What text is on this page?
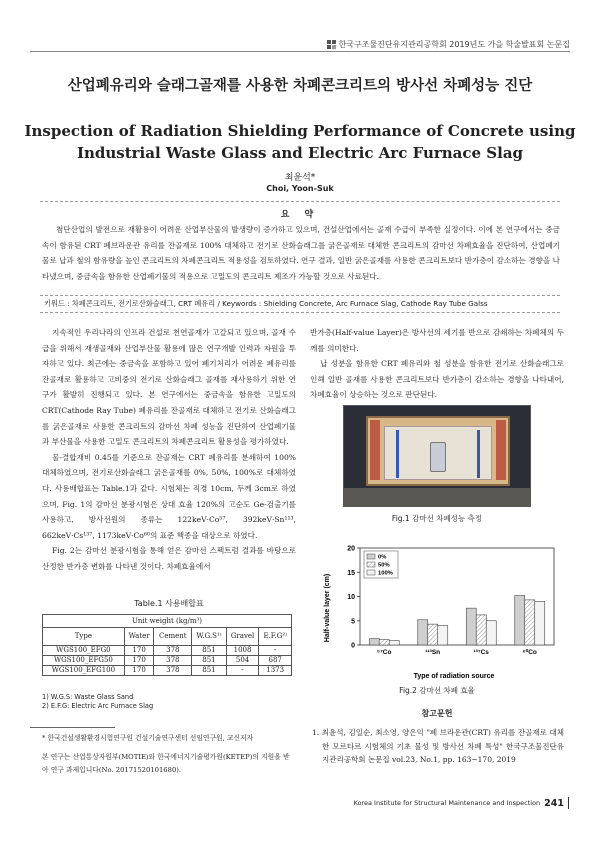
한국구조물진단유지관리공학회 2019년도 가을 학술발표회 논문집
산업폐유리와 슬래그골재를 사용한 차폐콘크리트의 방사선 차폐성능 진단
Inspection of Radiation Shielding Performance of Concrete using
Industrial Waste Glass and Electric Arc Furnace Slag
최윤석*
Choi, Yoon-Suk
요 약
첨단산업의 발전으로 재활용이 어려운 산업부산물의 발생량이 증가하고 있으며, 건설산업에서는 골재 수급이 부족한 실정이다. 이에 본 연구에서는 중금속이 함유된 CRT 폐브라운관 유리를 잔골재로 100% 대체하고 전기로 산화슬래그를 굵은골재로 대체한 콘크리트의 감마선 차폐효율을 진단하여, 산업폐기물로 납과 철의 함유량을 높인 콘크리트의 차폐콘크리트 적용성을 검토하였다. 연구 결과, 일반 굵은골재를 사용한 콘크리트보다 반가층이 감소하는 경향을 나타냈으며, 중금속을 함유한 산업폐기물의 적용으로 고밀도의 콘크리트 제조가 가능할 것으로 사료된다.
키워드 : 차폐콘크리트, 전기로산화슬래그, CRT 폐유리 / Keywords : Shielding Concrete, Arc Furnace Slag, Cathode Ray Tube Galss

지속적인 우리나라의 인프라 건설로 천연골재가 고갈되고 있으며, 골재 수급을 위해서 재생골재와 산업부산물 활용에 많은 연구개발 인력과 자원을 투자하고 있다. 최근에는 중금속을 포함하고 있어 폐기처리가 어려운 폐유리를 잔골재로 활용하고 고비중의 전기로 산화슬래그 골재를 재사용하기 위한 연구가 활발히 진행되고 있다. 본 연구에서는 중금속을 함유한 고밀도의 CRT(Cathode Ray Tube) 폐유리를 잔골재로 대체하고 전기로 산화슬래그를 굵은골재로 사용한 콘크리트의 감마선 차폐 성능을 진단하여 산업폐기물과 부산물을 사용한 고밀도 콘크리트의 차폐콘크리트 활용성을 평가하였다.

물-결합재비 0.45를 기준으로 잔골재는 CRT 폐유리를 분쇄하여 100% 대체하였으며, 전기로산화슬래그 굵은골재를 0%, 50%, 100%로 대체하였다. 사용배합표는 Table.1과 같다. 시험체는 직경 10cm, 두께 3cm로 하였으며, Fig. 1의 감마선 분광시험은 상대 효율 120%의 고순도 Ge-검출기를 사용하고, 방사선원의 종류는 122keV·Co⁵⁷, 392keV·Sn¹¹³, 662keV·Cs¹³⁷, 1173keV·Co⁶⁰의 표준 핵종을 대상으로 하였다.

Fig. 2는 감마선 분광시험을 통해 얻은 감마선 스펙트럼 결과를 바탕으로 산정한 반가층 변화를 나타낸 것이다. 차폐효율에서

반가층(Half-value Layer)은 방사선의 세기를 반으로 감쇄하는 차폐체의 두께를 의미한다.

납 성분을 함유한 CRT 폐유리와 철 성분을 함유한 전기로 산화슬래그로 인해 일반 골재를 사용한 콘크리트보다 반가층이 감소하는 경향을 나타내어, 차폐효율이 상승하는 것으로 판단된다.

Fig.1 감마선 차폐성능 측정
0
5
10
15
20
⁵⁷Co	¹¹³Sn	¹³⁷Cs	⁶⁰Co
0%
50%
100%
Half-value layer (cm)
Type of radiation source
Fig.2 감마선 차폐 효율
Table.1 사용배합표
Unit weight (kg/m³)					
Type	Water	Cement	W.G.S¹⁾	Gravel	E.F.G²⁾
WGS100_EFG0	170	378	851	1008	-
WGS100_EFG50	170	378	851	504	687
WGS100_EFG100	170	378	851	-	1373
1) W.G.S: Waste Glass Sand
2) E.F.G: Electric Arc Furnace Slag

* 한국건설생활환경시험연구원 건설기술연구센터 선임연구원, 교신저자

본 연구는 산업통상자원부(MOTIE)와 한국에너지기술평가원(KETEP)의 지원을 받아 연구 과제입니다(No. 20171520101680).

참고문헌
1. 최윤석, 김일순, 최소영, 양은익 "폐 브라운관(CRT) 유리를 잔골재로 대체한 모르타르 시험체의 기초 물성 및 방사선 차폐 특성" 한국구조물진단유지관리공학회 논문집 vol.23, No.1, pp. 163~170, 2019
Korea Institute for Structural Maintenance and Inspection 241
